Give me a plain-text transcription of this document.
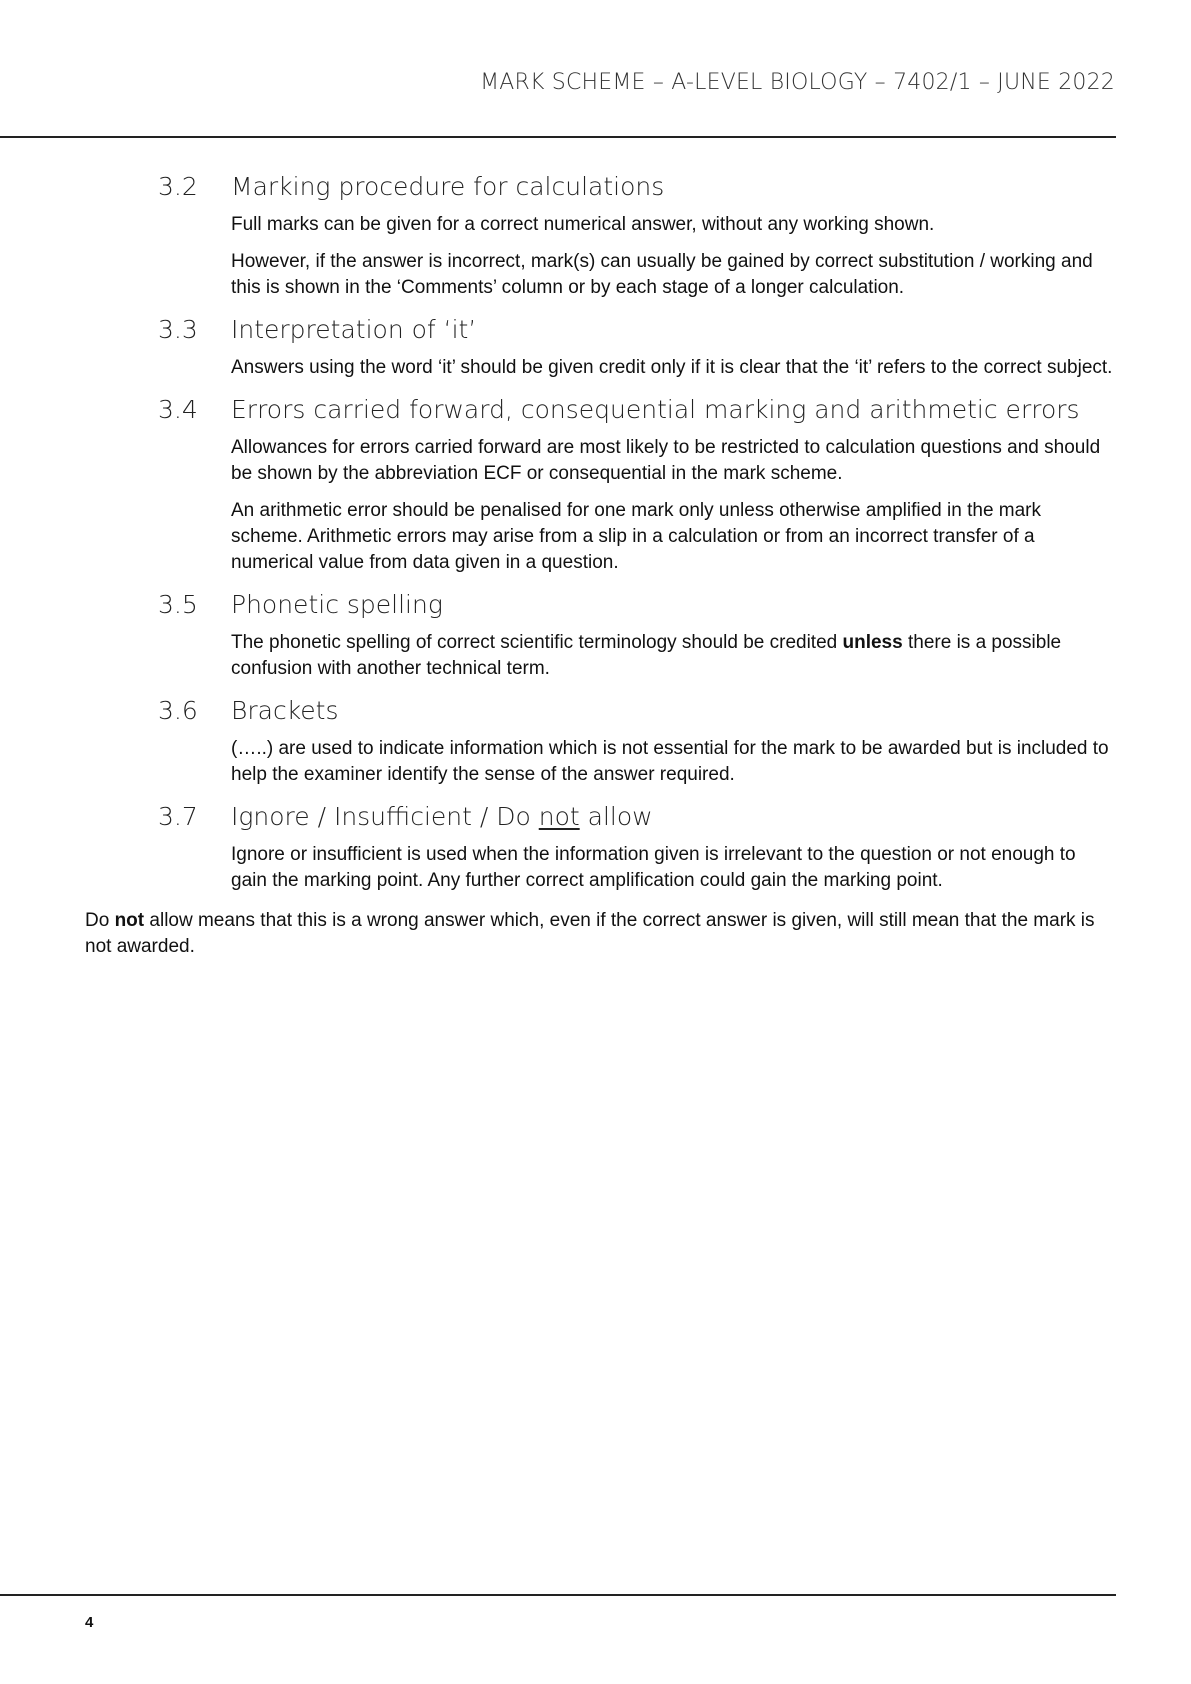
MARK SCHEME – A-LEVEL BIOLOGY – 7402/1 – JUNE 2022
3.2 Marking procedure for calculations

Full marks can be given for a correct numerical answer, without any working shown.

However, if the answer is incorrect, mark(s) can usually be gained by correct substitution / working and this is shown in the ‘Comments’ column or by each stage of a longer calculation.

3.3 Interpretation of ‘it’

Answers using the word ‘it’ should be given credit only if it is clear that the ‘it’ refers to the correct subject.

3.4 Errors carried forward, consequential marking and arithmetic errors

Allowances for errors carried forward are most likely to be restricted to calculation questions and should be shown by the abbreviation ECF or consequential in the mark scheme.

An arithmetic error should be penalised for one mark only unless otherwise amplified in the mark scheme. Arithmetic errors may arise from a slip in a calculation or from an incorrect transfer of a numerical value from data given in a question.

3.5 Phonetic spelling

The phonetic spelling of correct scientific terminology should be credited unless there is a possible confusion with another technical term.

3.6 Brackets

(…..) are used to indicate information which is not essential for the mark to be awarded but is included to help the examiner identify the sense of the answer required.

3.7 Ignore / Insufficient / Do not allow

Ignore or insufficient is used when the information given is irrelevant to the question or not enough to gain the marking point. Any further correct amplification could gain the marking point.

Do not allow means that this is a wrong answer which, even if the correct answer is given, will still mean that the mark is not awarded.

4
